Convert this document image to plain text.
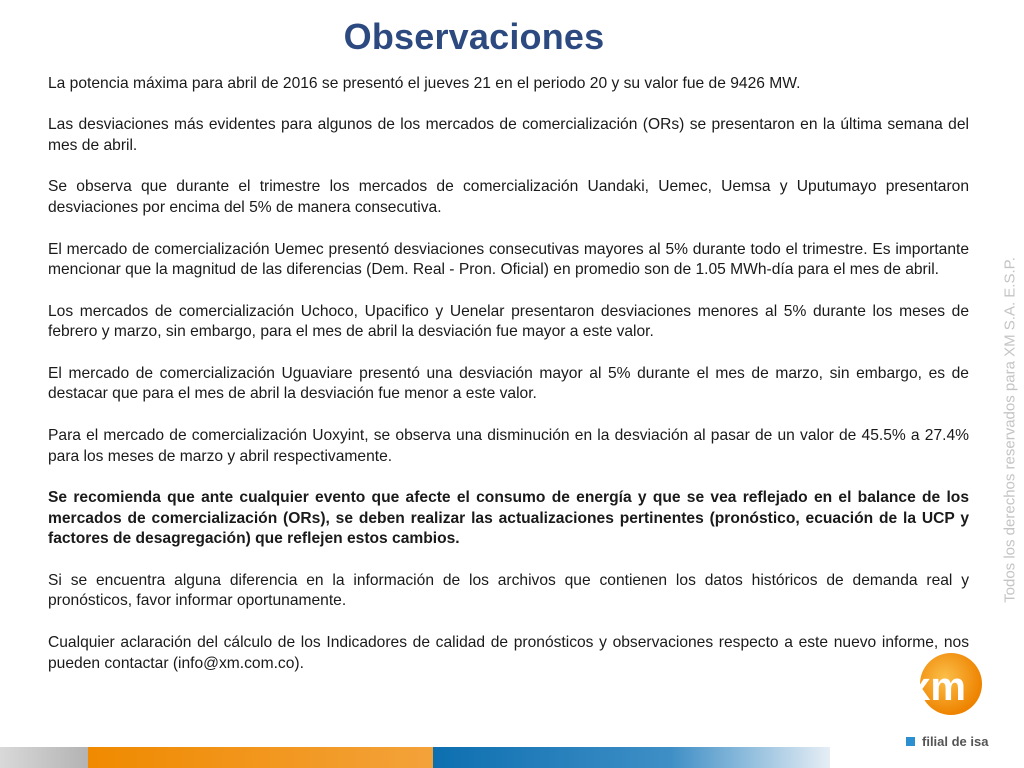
Observaciones

La potencia máxima para abril de 2016 se presentó el jueves 21 en el periodo 20 y su valor fue de 9426 MW.

Las desviaciones más evidentes para algunos de los mercados de comercialización (ORs) se presentaron en la última semana del mes de abril.

Se observa que durante el trimestre los mercados de comercialización Uandaki, Uemec, Uemsa y Uputumayo presentaron desviaciones por encima del 5% de manera consecutiva.

El mercado de comercialización Uemec presentó desviaciones consecutivas mayores al 5% durante todo el trimestre. Es importante mencionar que la magnitud de las diferencias (Dem. Real - Pron. Oficial) en promedio son de 1.05 MWh-día para el mes de abril.

Los mercados de comercialización Uchoco, Upacifico y Uenelar presentaron desviaciones menores al 5% durante los meses de febrero y marzo, sin embargo, para el mes de abril la desviación fue mayor a este valor.

El mercado de comercialización Uguaviare presentó una desviación mayor al 5% durante el mes de marzo, sin embargo, es de destacar que para el mes de abril la desviación fue menor a este valor.

Para el mercado de comercialización Uoxyint, se observa una disminución en la desviación al pasar de un valor de 45.5% a 27.4% para los meses de marzo y abril respectivamente.

Se recomienda que ante cualquier evento que afecte el consumo de energía y que se vea reflejado en el balance de los mercados de comercialización (ORs), se deben realizar las actualizaciones pertinentes (pronóstico, ecuación de la UCP y factores de desagregación) que reflejen estos cambios.

Si se encuentra alguna diferencia en la información de los archivos que contienen los datos históricos de demanda real y pronósticos, favor informar oportunamente.

Cualquier aclaración del cálculo de los Indicadores de calidad de pronósticos y observaciones respecto a este nuevo informe, nos pueden contactar (info@xm.com.co).

Todos los derechos reservados para XM S.A. E.S.P.
xm
filial de isa
